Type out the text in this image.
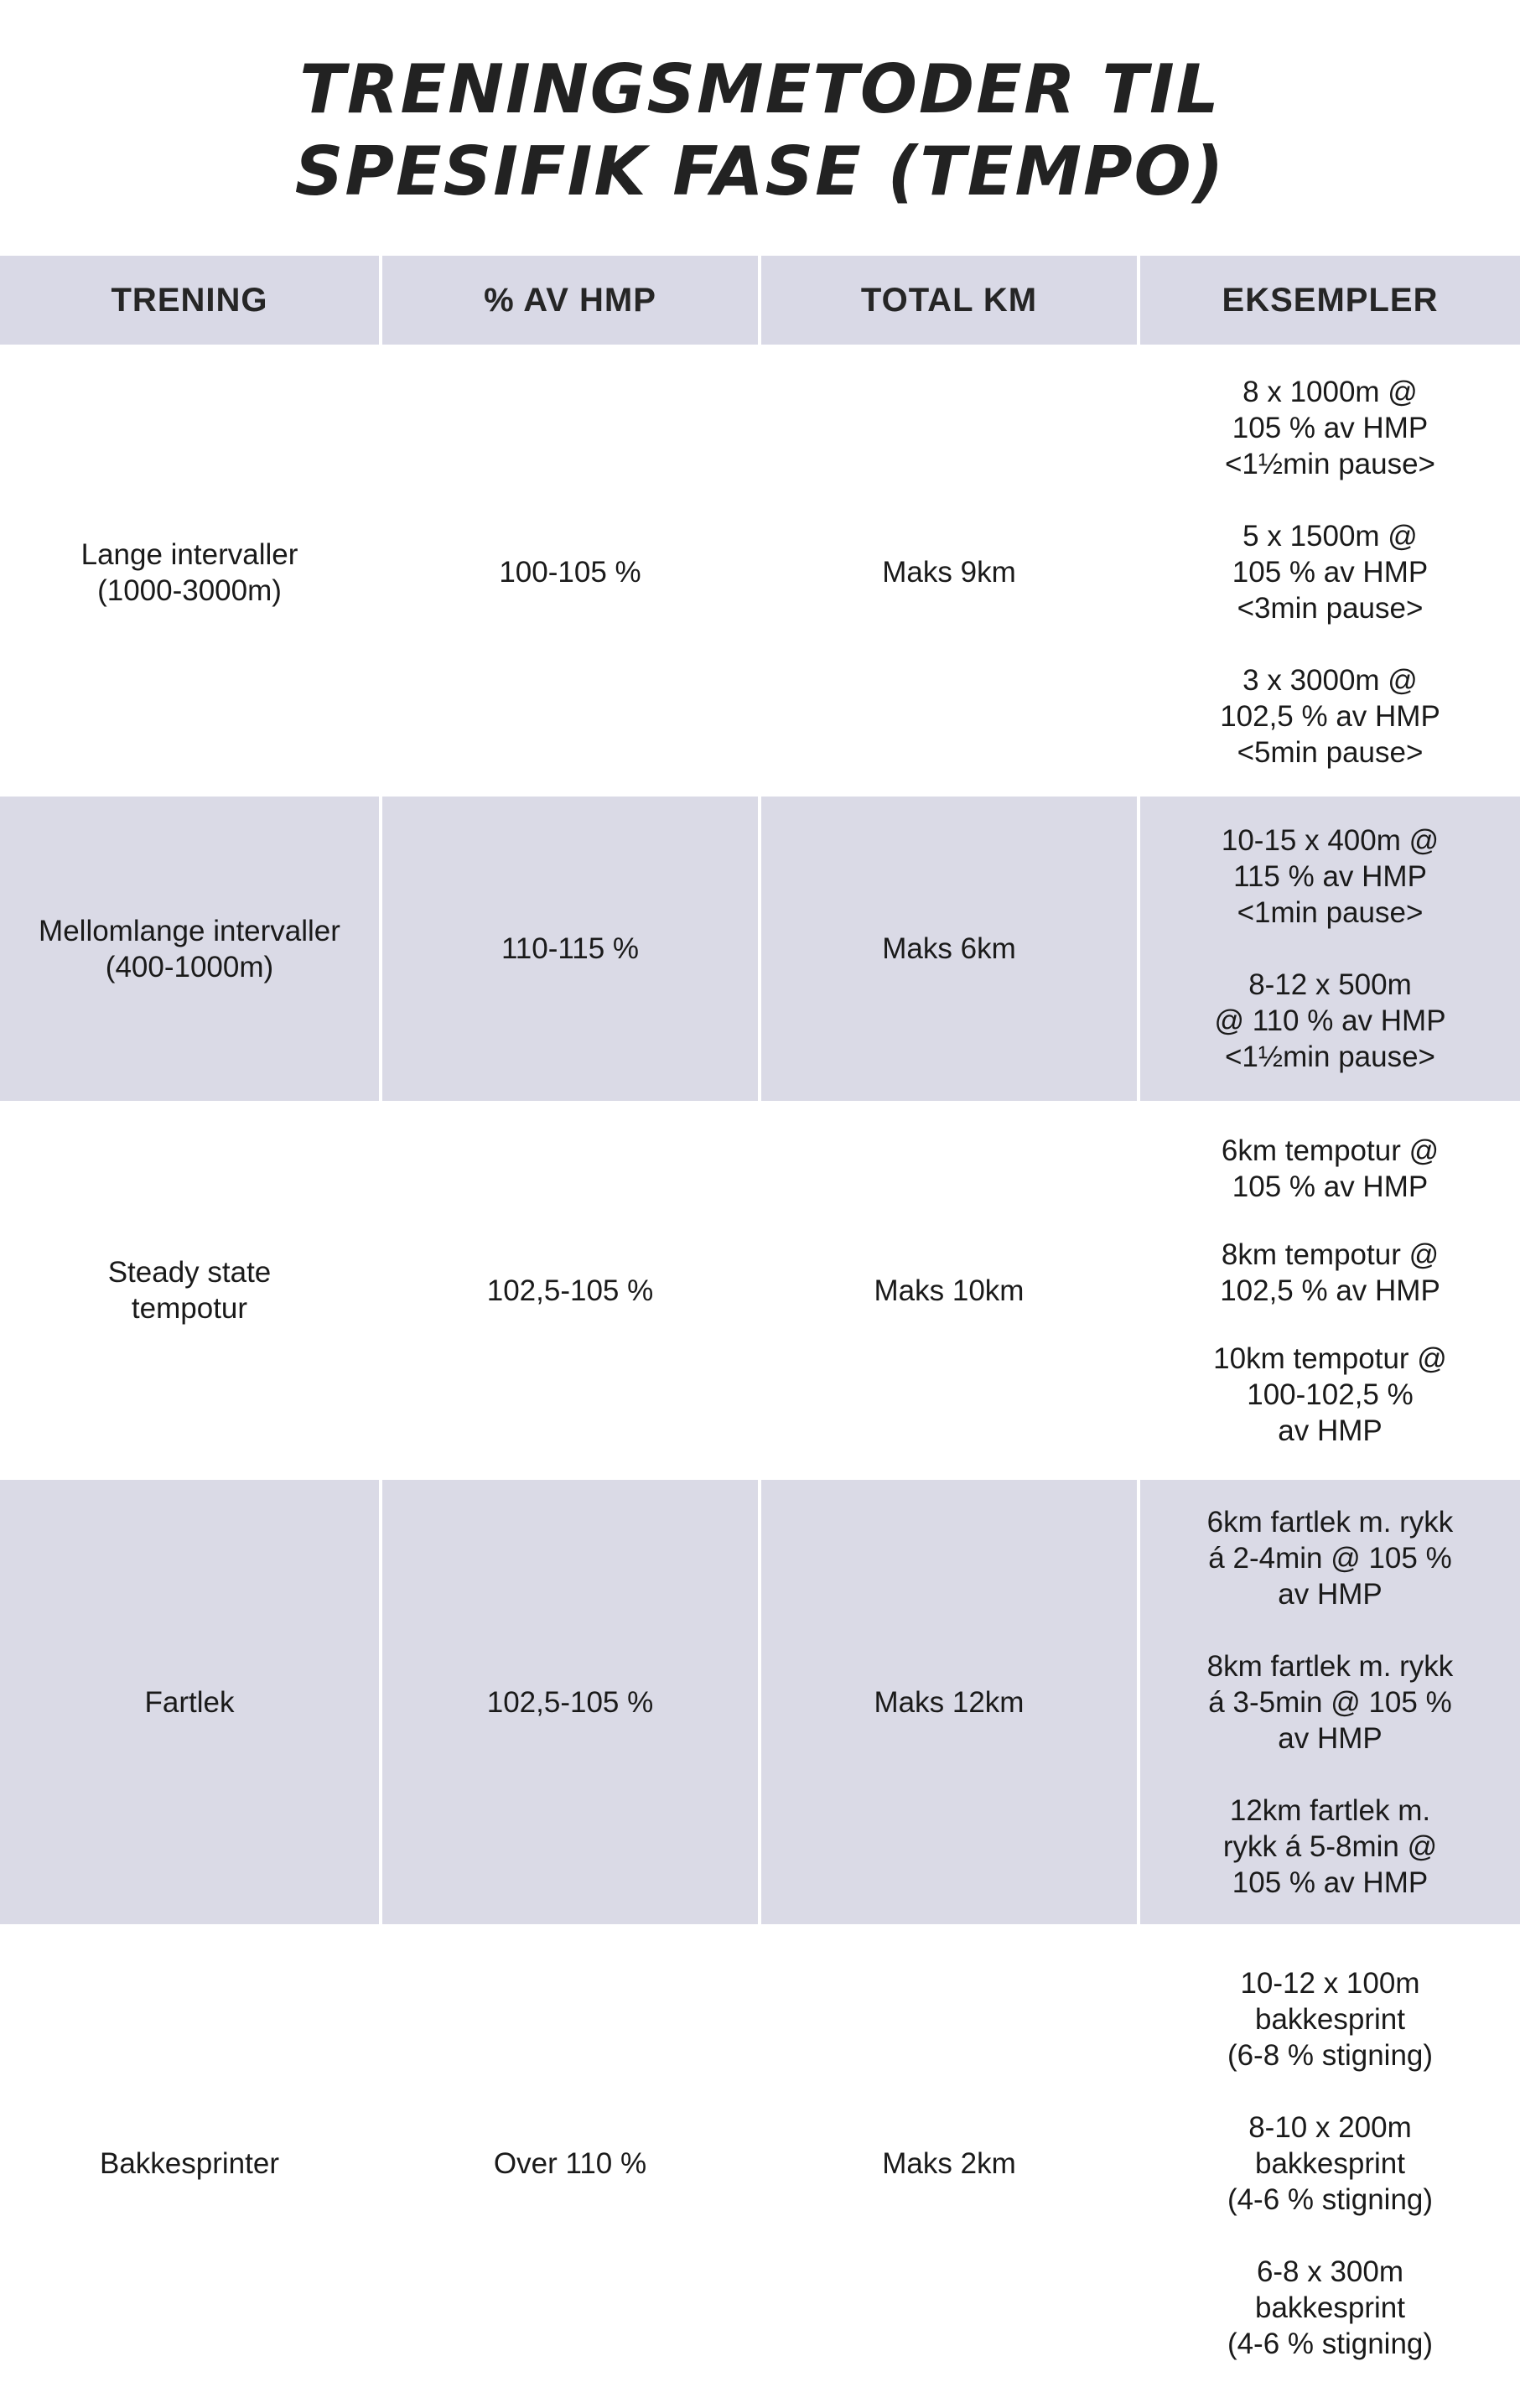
TRENINGSMETODER TIL
SPESIFIK FASE (TEMPO)
TRENING	% AV HMP	TOTAL KM	EKSEMPLER
Lange intervaller
(1000-3000m)
100-105 %	Maks 9km
8 x 1000m @
105 % av HMP
<1½min pause>
5 x 1500m @
105 % av HMP
<3min pause>
3 x 3000m @
102,5 % av HMP
<5min pause>
Mellomlange intervaller
(400-1000m)
110-115 %	Maks 6km
10-15 x 400m @
115 % av HMP
<1min pause>
8-12 x 500m
@ 110 % av HMP
<1½min pause>
Steady state
tempotur
102,5-105 %	Maks 10km
6km tempotur @
105 % av HMP
8km tempotur @
102,5 % av HMP
10km tempotur @
100-102,5 %
av HMP
Fartlek	102,5-105 %	Maks 12km
6km fartlek m. rykk
á 2-4min @ 105 %
av HMP
8km fartlek m. rykk
á 3-5min @ 105 %
av HMP
12km fartlek m.
rykk á 5-8min @
105 % av HMP
Bakkesprinter	Over 110 %	Maks 2km
10-12 x 100m
bakkesprint
(6-8 % stigning)
8-10 x 200m
bakkesprint
(4-6 % stigning)
6-8 x 300m
bakkesprint
(4-6 % stigning)
